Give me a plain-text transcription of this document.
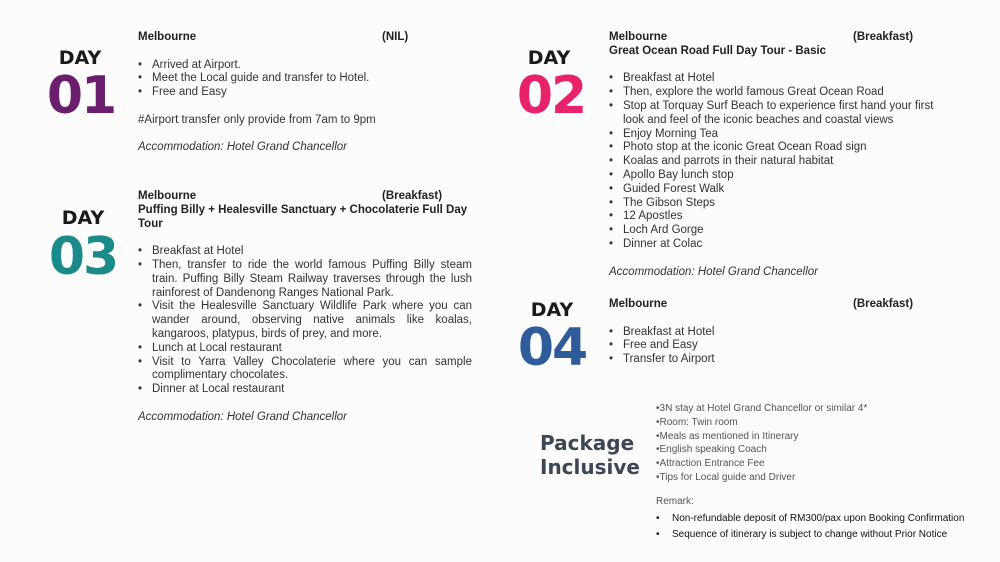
DAY
01
Melbourne	(NIL)
• Arrived at Airport.
• Meet the Local guide and transfer to Hotel.
• Free and Easy
#Airport transfer only provide from 7am to 9pm
Accommodation: Hotel Grand Chancellor
DAY
03
Melbourne	(Breakfast)
Puffing Billy + Healesville Sanctuary + Chocolaterie Full Day Tour
• Breakfast at Hotel
• Then, transfer to ride the world famous Puffing Billy steam train. Puffing Billy Steam Railway traverses through the lush rainforest of Dandenong Ranges National Park.
• Visit the Healesville Sanctuary Wildlife Park where you can wander around, observing native animals like koalas, kangaroos, platypus, birds of prey, and more.
• Lunch at Local restaurant
• Visit to Yarra Valley Chocolaterie where you can sample complimentary chocolates.
• Dinner at Local restaurant
Accommodation: Hotel Grand Chancellor
DAY
02
Melbourne	(Breakfast)
Great Ocean Road Full Day Tour - Basic
• Breakfast at Hotel
• Then, explore the world famous Great Ocean Road
• Stop at Torquay Surf Beach to experience first hand your first look and feel of the iconic beaches and coastal views
• Enjoy Morning Tea
• Photo stop at the iconic Great Ocean Road sign
• Koalas and parrots in their natural habitat
• Apollo Bay lunch stop
• Guided Forest Walk
• The Gibson Steps
• 12 Apostles
• Loch Ard Gorge
• Dinner at Colac
Accommodation: Hotel Grand Chancellor
DAY
04
Melbourne	(Breakfast)
• Breakfast at Hotel
• Free and Easy
• Transfer to Airport
Package
Inclusive
•3N stay at Hotel Grand Chancellor or similar 4*
•Room: Twin room
•Meals as mentioned in Itinerary
•English speaking Coach
•Attraction Entrance Fee
•Tips for Local guide and Driver
Remark:
• Non-refundable deposit of RM300/pax upon Booking Confirmation
• Sequence of itinerary is subject to change without Prior Notice
